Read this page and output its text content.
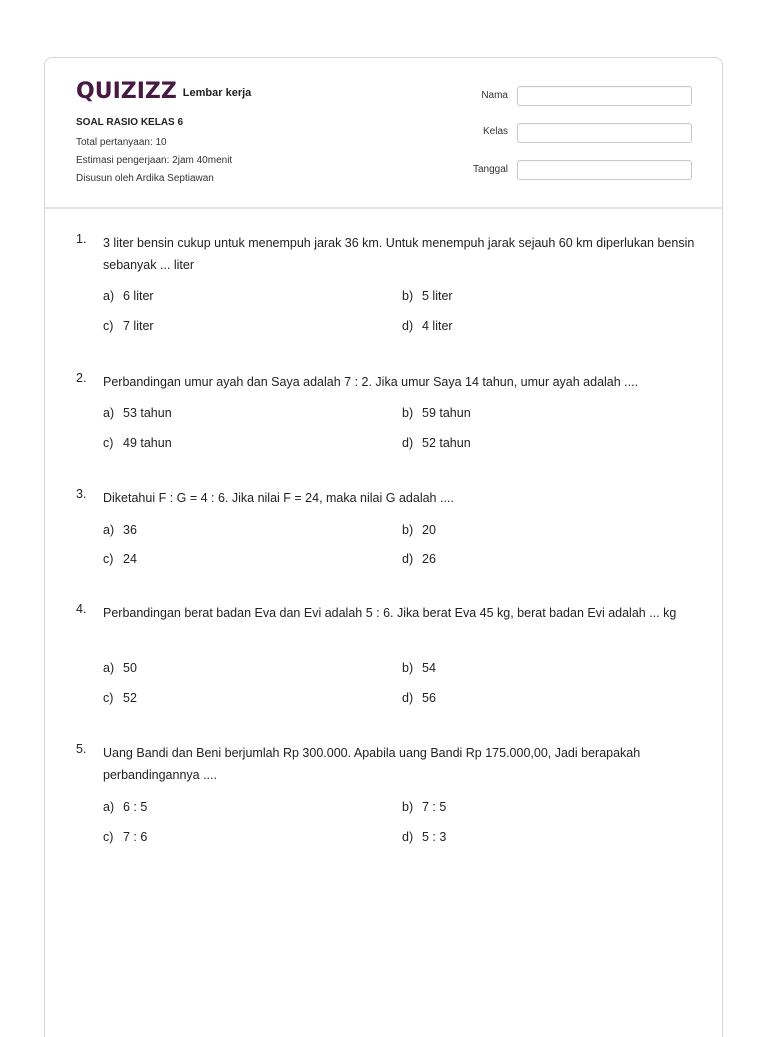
QUIZIZZ Lembar kerja
SOAL RASIO KELAS 6
Total pertanyaan: 10
Estimasi pengerjaan: 2jam 40menit
Disusun oleh Ardika Septiawan
Nama
Kelas
Tanggal
1. 3 liter bensin cukup untuk menempuh jarak 36 km. Untuk menempuh jarak sejauh 60 km diperlukan bensin sebanyak ... liter
a) 6 liter	b) 5 liter
c) 7 liter	d) 4 liter
2. Perbandingan umur ayah dan Saya adalah 7 : 2. Jika umur Saya 14 tahun, umur ayah adalah ....
a) 53 tahun	b) 59 tahun
c) 49 tahun	d) 52 tahun
3. Diketahui F : G = 4 : 6. Jika nilai F = 24, maka nilai G adalah ....
a) 36	b) 20
c) 24	d) 26
4. Perbandingan berat badan Eva dan Evi adalah 5 : 6. Jika berat Eva 45 kg, berat badan Evi adalah ... kg
a) 50	b) 54
c) 52	d) 56
5. Uang Bandi dan Beni berjumlah Rp 300.000. Apabila uang Bandi Rp 175.000,00, Jadi berapakah perbandingannya ....
a) 6 : 5	b) 7 : 5
c) 7 : 6	d) 5 : 3
